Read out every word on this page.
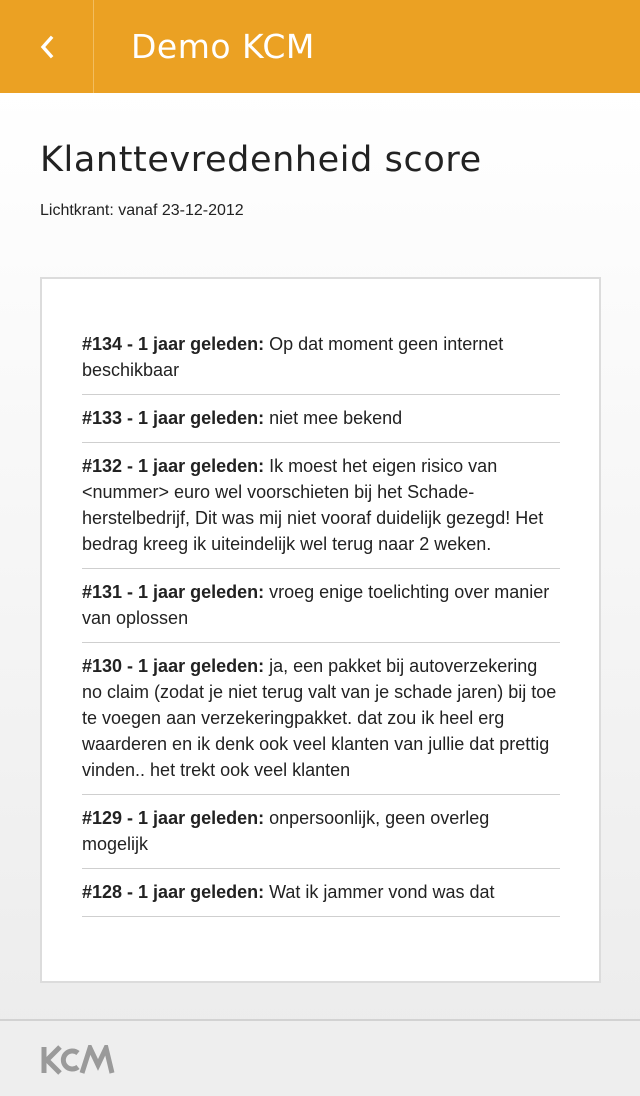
Demo KCM
Klanttevredenheid score
Lichtkrant: vanaf 23-12-2012
#134 - 1 jaar geleden: Op dat moment geen internet beschikbaar
#133 - 1 jaar geleden: niet mee bekend
#132 - 1 jaar geleden: Ik moest het eigen risico van <nummer> euro wel voorschieten bij het Schade-herstelbedrijf, Dit was mij niet vooraf duidelijk gezegd! Het bedrag kreeg ik uiteindelijk wel terug naar 2 weken.
#131 - 1 jaar geleden: vroeg enige toelichting over manier van oplossen
#130 - 1 jaar geleden: ja, een pakket bij autoverzekering no claim (zodat je niet terug valt van je schade jaren) bij toe te voegen aan verzekeringpakket. dat zou ik heel erg waarderen en ik denk ook veel klanten van jullie dat prettig vinden.. het trekt ook veel klanten
#129 - 1 jaar geleden: onpersoonlijk, geen overleg mogelijk
#128 - 1 jaar geleden: Wat ik jammer vond was dat
